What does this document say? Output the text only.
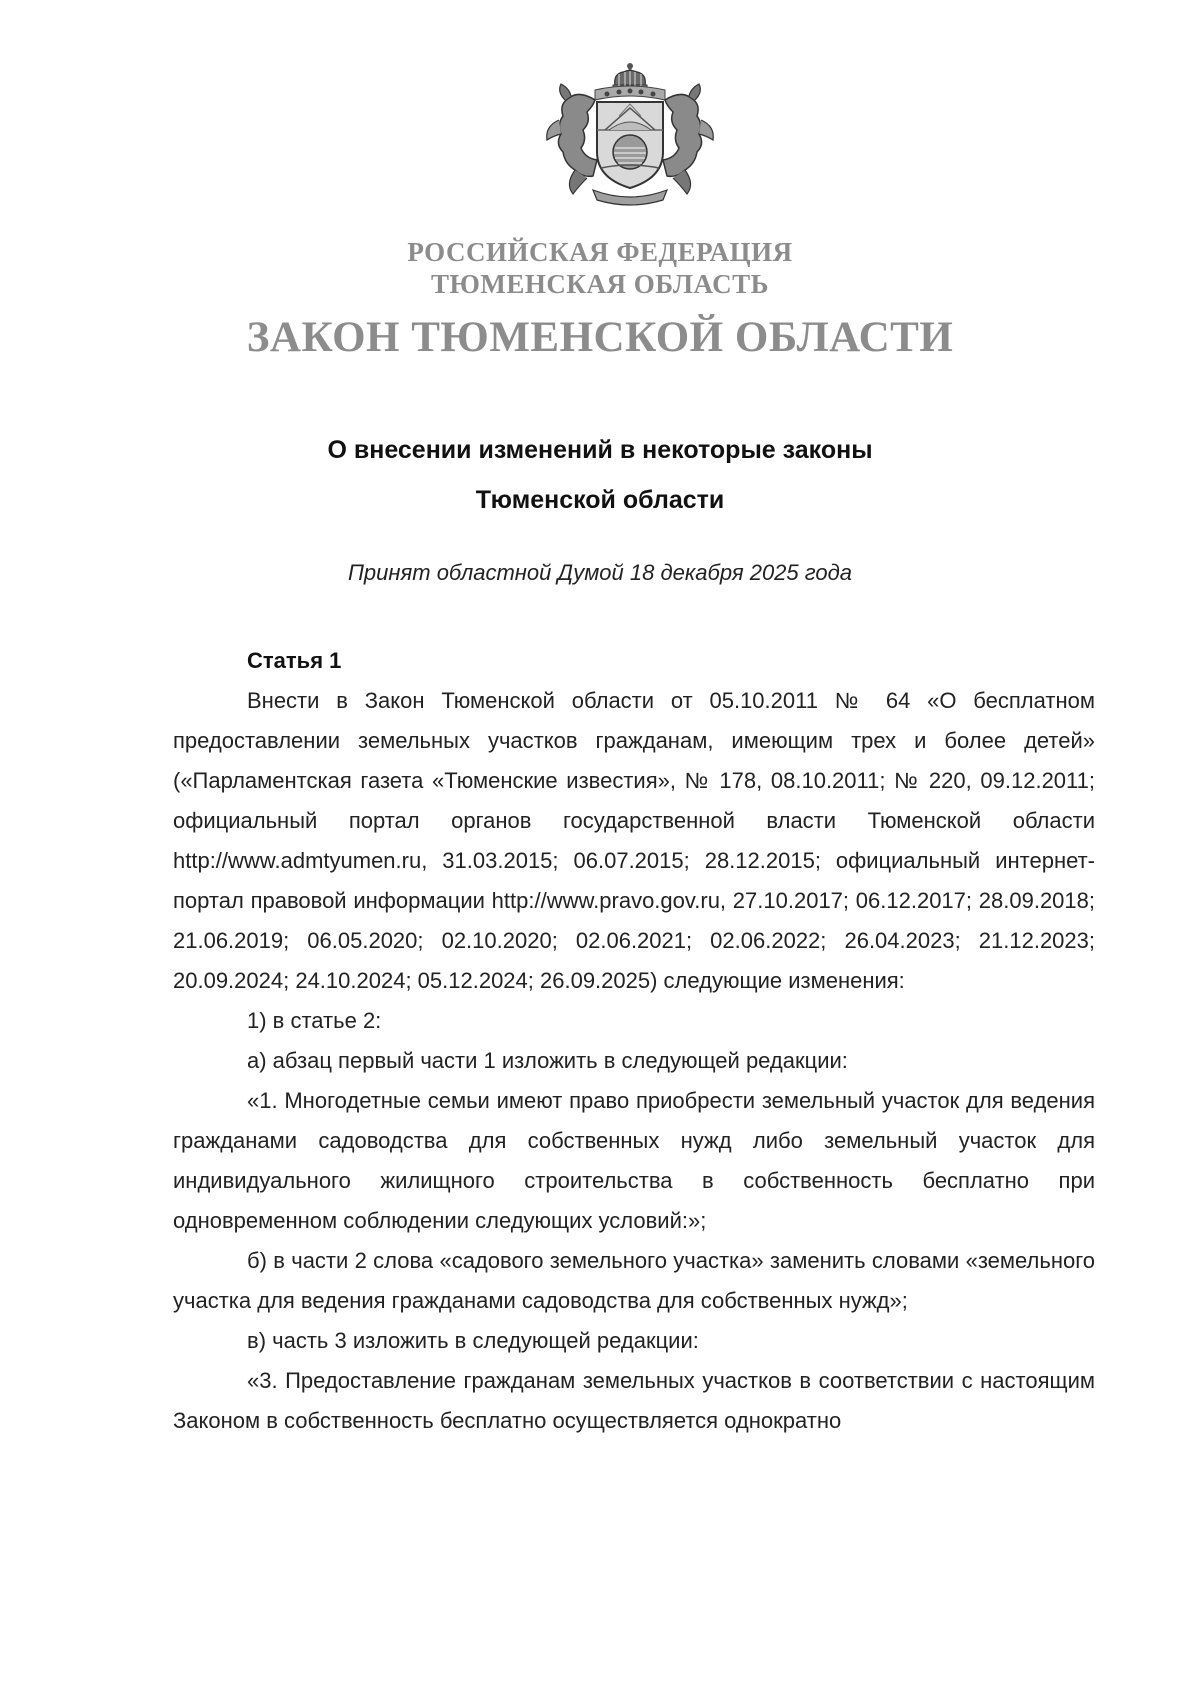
РОССИЙСКАЯ ФЕДЕРАЦИЯ
ТЮМЕНСКАЯ ОБЛАСТЬ
ЗАКОН ТЮМЕНСКОЙ ОБЛАСТИ
О внесении изменений в некоторые законы
Тюменской области
Принят областной Думой 18 декабря 2025 года

Статья 1

Внести в Закон Тюменской области от 05.10.2011 № 64 «О бесплатном предоставлении земельных участков гражданам, имеющим трех и более детей» («Парламентская газета «Тюменские известия», № 178, 08.10.2011; № 220, 09.12.2011; официальный портал органов государственной власти Тюменской области http://www.admtyumen.ru, 31.03.2015; 06.07.2015; 28.12.2015; официальный интернет-портал правовой информации http://www.pravo.gov.ru, 27.10.2017; 06.12.2017; 28.09.2018; 21.06.2019; 06.05.2020; 02.10.2020; 02.06.2021; 02.06.2022; 26.04.2023; 21.12.2023; 20.09.2024; 24.10.2024; 05.12.2024; 26.09.2025) следующие изменения:

1) в статье 2:

а) абзац первый части 1 изложить в следующей редакции:

«1. Многодетные семьи имеют право приобрести земельный участок для ведения гражданами садоводства для собственных нужд либо земельный участок для индивидуального жилищного строительства в собственность бесплатно при одновременном соблюдении следующих условий:»;

б) в части 2 слова «садового земельного участка» заменить словами «земельного участка для ведения гражданами садоводства для собственных нужд»;

в) часть 3 изложить в следующей редакции:

«3. Предоставление гражданам земельных участков в соответствии с настоящим Законом в собственность бесплатно осуществляется однократно
